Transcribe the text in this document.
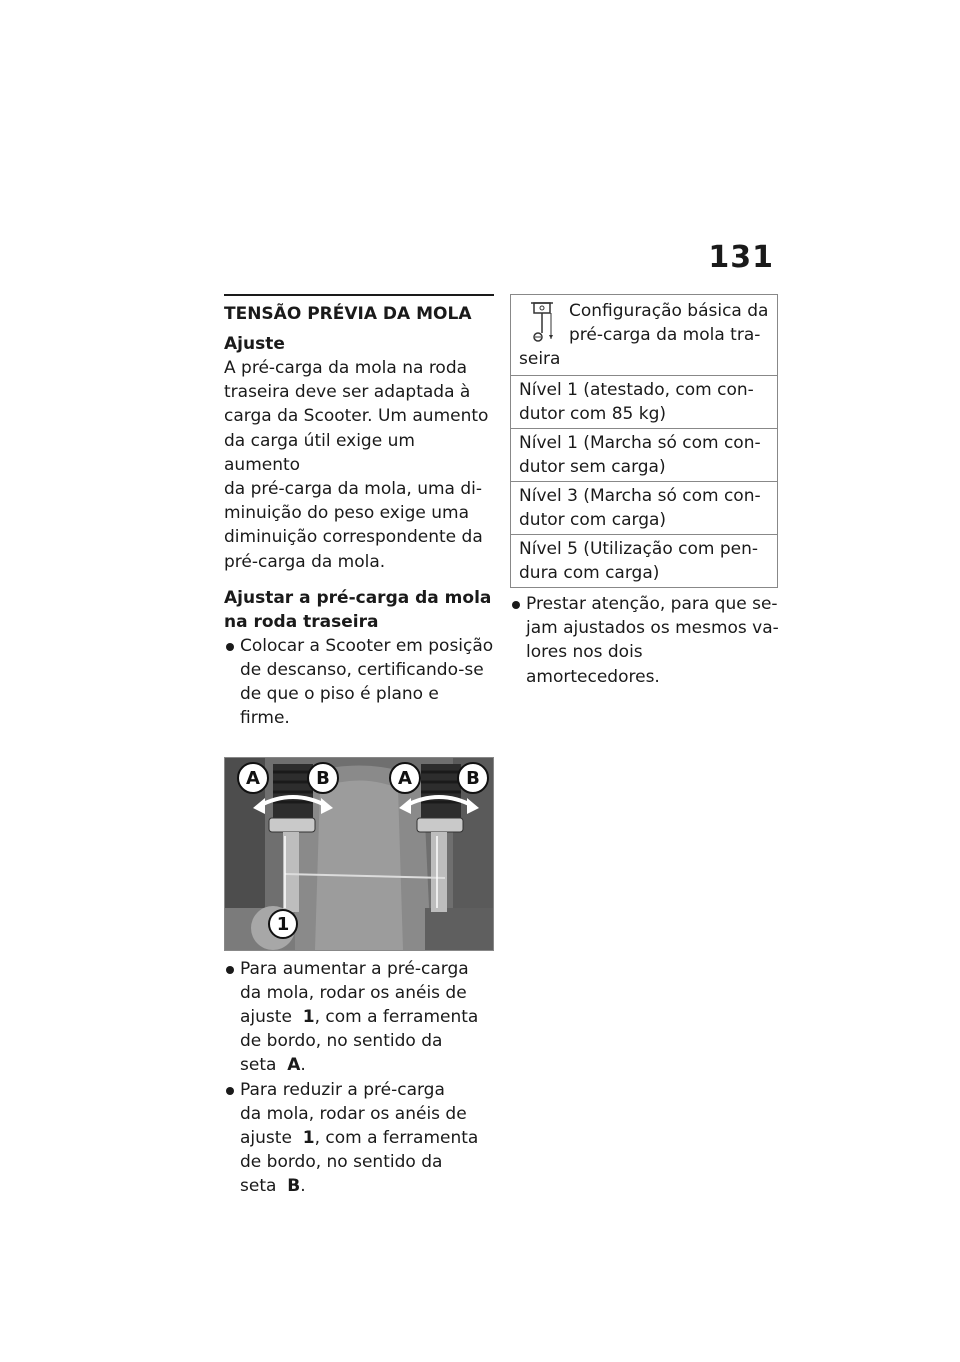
131
TENSÃO PRÉVIA DA MOLA
Ajuste
A pré-carga da mola na roda
traseira deve ser adaptada à
carga da Scooter. Um aumento
da carga útil exige um aumento
da pré-carga da mola, uma di-
minuição do peso exige uma
diminuição correspondente da
pré-carga da mola.
Ajustar a pré-carga da mola
na roda traseira
Colocar a Scooter em posição
de descanso, certificando-se
de que o piso é plano e firme.
A	B	A	B
1
Para aumentar a pré-carga
da mola, rodar os anéis de
ajuste  1, com a ferramenta
de bordo, no sentido da
seta  A.
Para reduzir a pré-carga
da mola, rodar os anéis de
ajuste  1, com a ferramenta
de bordo, no sentido da
seta  B.
Configuração básica da
pré-carga da mola tra-
seira
Nível 1 (atestado, com con-
dutor com 85 kg)
Nível 1 (Marcha só com con-
dutor sem carga)
Nível 3 (Marcha só com con-
dutor com carga)
Nível 5 (Utilização com pen-
dura com carga)
Prestar atenção, para que se-
jam ajustados os mesmos va-
lores nos dois amortecedores.
